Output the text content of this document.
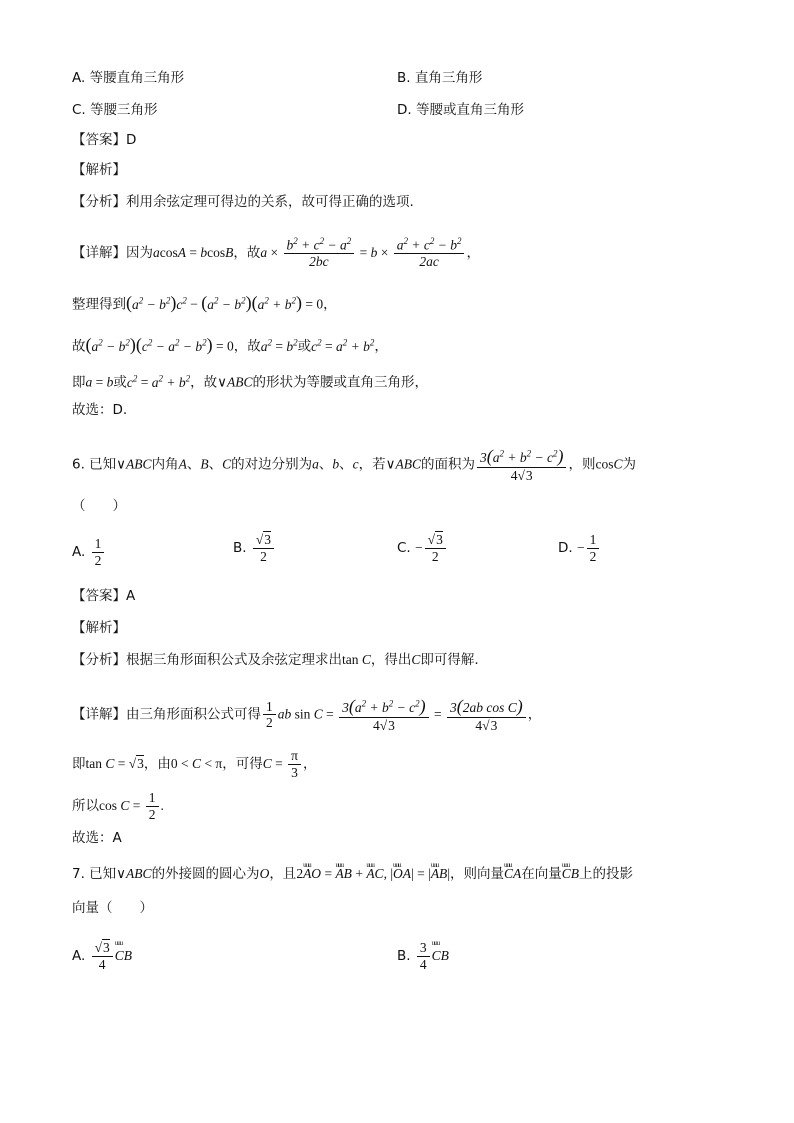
A. 等腰直角三角形	B. 直角三角形
C. 等腰三角形	D. 等腰或直角三角形
【答案】D
【解析】
【分析】利用余弦定理可得边的关系，故可得正确的选项.
【详解】因为acosA = bcosB，故$a \times \frac{b^2 + c^2 - a^2}{2bc} = b \times \frac{a^2 + c^2 - b^2}{2ac}$ ，
整理得到$(a^2 - b^2)c^2 - (a^2 - b^2)(a^2 + b^2) = 0$，
故$(a^2 - b^2)(c^2 - a^2 - b^2) = 0$，故$a^2 = b^2$或$c^2 = a^2 + b^2$，
即a = b或$c^2 = a^2 + b^2$，故∨ABC的形状为等腰或直角三角形，
故选：D.
6. 已知∨ABC内角A、B、C的对边分别为a、b、c，若∨ABC的面积为 $\frac{3(a^2 + b^2 - c^2)}{4√3}$ ，则cosC为
（　　）
A. $\frac{1}{2}$	B. $\frac{√3}{2}$	C. − $\frac{√3}{2}$	D. − $\frac{1}{2}$
【答案】A
【解析】
【分析】根据三角形面积公式及余弦定理求出tan C，得出C即可得解.
【详解】由三角形面积公式可得 $\frac{1}{2}$ ab $\sin C = \frac{3(a^2 + b^2 - c^2)}{4√3} = \frac{\text{3(2ab cos C)}}{4√3}$ ，
即tan C = √3，由0 < C < π，可得$C = \frac{\pi}{3}$ ，
所以$\cos C = \frac{1}{2}$ .
故选：A
7. 已知∨ABC的外接圆的圆心为O，且2uuu AO = uuu AB + uuu AC, |uuu OA| = |uuu AB|，则向量uuu CA在向量uuu CB上的投影
向量（　　）
A. $\frac{√3}{4}$ uuu CB	B. $\frac{3}{4}$ uuu CB
